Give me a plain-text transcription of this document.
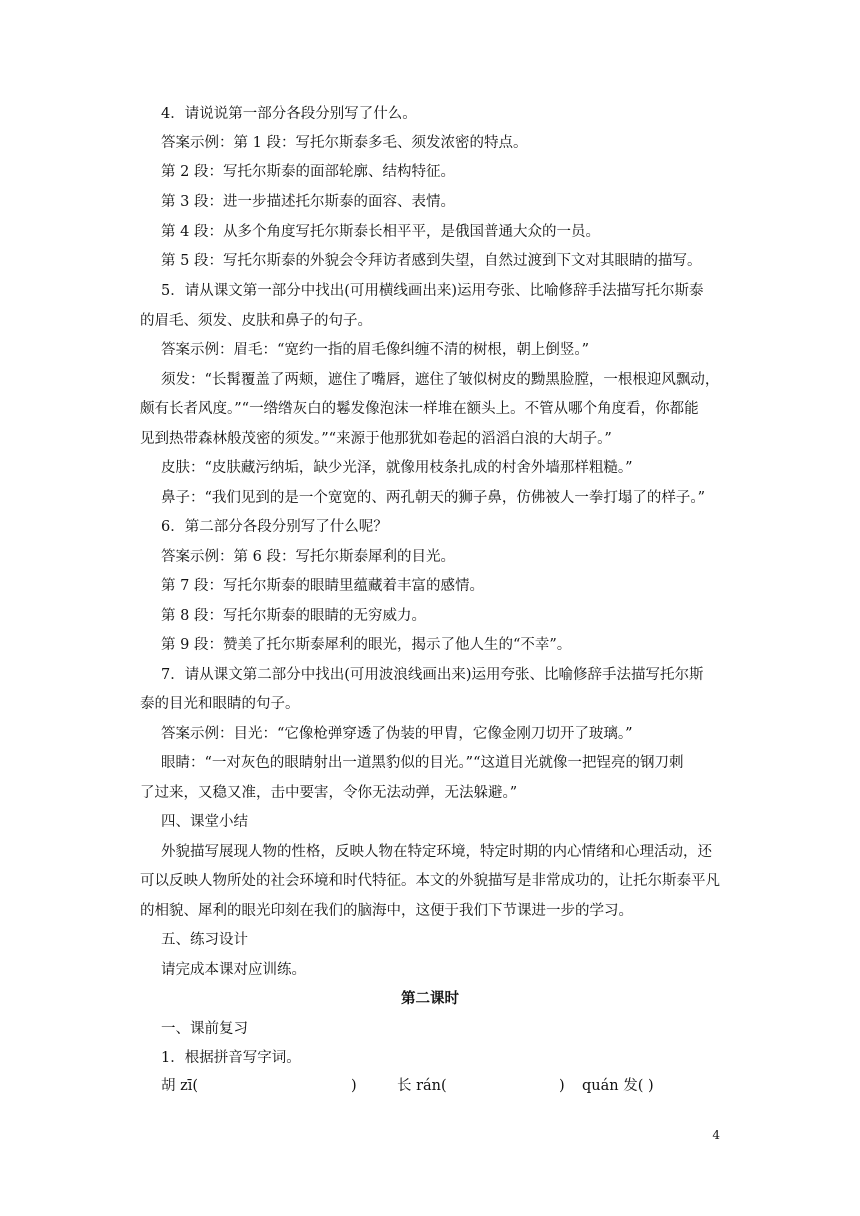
4．请说说第一部分各段分别写了什么。
答案示例：第 1 段：写托尔斯泰多毛、须发浓密的特点。
第 2 段：写托尔斯泰的面部轮廓、结构特征。
第 3 段：进一步描述托尔斯泰的面容、表情。
第 4 段：从多个角度写托尔斯泰长相平平，是俄国普通大众的一员。
第 5 段：写托尔斯泰的外貌会令拜访者感到失望，自然过渡到下文对其眼睛的描写。
5．请从课文第一部分中找出(可用横线画出来)运用夸张、比喻修辞手法描写托尔斯泰
的眉毛、须发、皮肤和鼻子的句子。
答案示例：眉毛：“宽约一指的眉毛像纠缠不清的树根，朝上倒竖。”
须发：“长髯覆盖了两颊，遮住了嘴唇，遮住了皱似树皮的黝黑脸膛，一根根迎风飘动，
颇有长者风度。”“一绺绺灰白的鬈发像泡沫一样堆在额头上。不管从哪个角度看，你都能
见到热带森林般茂密的须发。”“来源于他那犹如卷起的滔滔白浪的大胡子。”
皮肤：“皮肤藏污纳垢，缺少光泽，就像用枝条扎成的村舍外墙那样粗糙。”
鼻子：“我们见到的是一个宽宽的、两孔朝天的狮子鼻，仿佛被人一拳打塌了的样子。”
6．第二部分各段分别写了什么呢？
答案示例：第 6 段：写托尔斯泰犀利的目光。
第 7 段：写托尔斯泰的眼睛里蕴藏着丰富的感情。
第 8 段：写托尔斯泰的眼睛的无穷威力。
第 9 段：赞美了托尔斯泰犀利的眼光，揭示了他人生的“不幸”。
7．请从课文第二部分中找出(可用波浪线画出来)运用夸张、比喻修辞手法描写托尔斯
泰的目光和眼睛的句子。
答案示例：目光：“它像枪弹穿透了伪装的甲胄，它像金刚刀切开了玻璃。”
眼睛：“一对灰色的眼睛射出一道黑豹似的目光。”“这道目光就像一把锃亮的钢刀刺
了过来，又稳又准，击中要害，令你无法动弹，无法躲避。”
四、课堂小结
外貌描写展现人物的性格，反映人物在特定环境，特定时期的内心情绪和心理活动，还
可以反映人物所处的社会环境和时代特征。本文的外貌描写是非常成功的，让托尔斯泰平凡
的相貌、犀利的眼光印刻在我们的脑海中，这便于我们下节课进一步的学习。
五、练习设计
请完成本课对应训练。
第二课时
一、课前复习
1．根据拼音写字词。
胡 zī(	)	长 rán(	) quán 发( )
4
